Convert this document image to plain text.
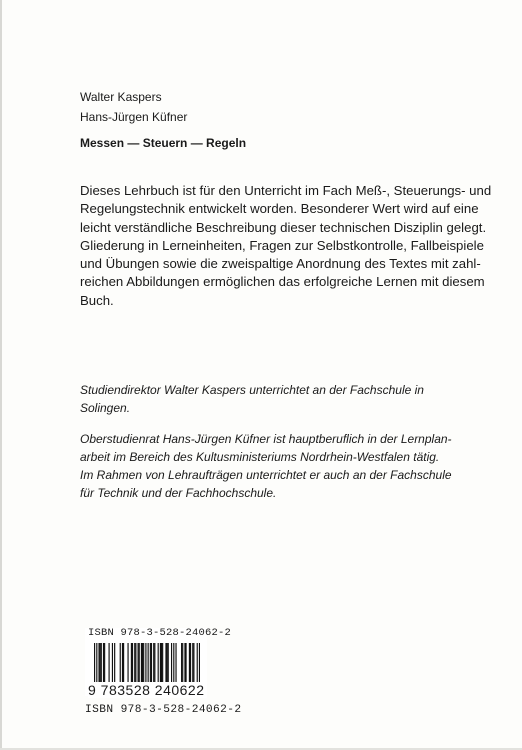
Walter Kaspers
Hans-Jürgen Küfner
Messen — Steuern — Regeln
Dieses Lehrbuch ist für den Unterricht im Fach Meß-, Steuerungs- und
Regelungstechnik entwickelt worden. Besonderer Wert wird auf eine
leicht verständliche Beschreibung dieser technischen Disziplin gelegt.
Gliederung in Lerneinheiten, Fragen zur Selbstkontrolle, Fallbeispiele
und Übungen sowie die zweispaltige Anordnung des Textes mit zahl-
reichen Abbildungen ermöglichen das erfolgreiche Lernen mit diesem
Buch.
Studiendirektor Walter Kaspers unterrichtet an der Fachschule in
Solingen.
Oberstudienrat Hans-Jürgen Küfner ist hauptberuflich in der Lernplan-
arbeit im Bereich des Kultusministeriums Nordrhein-Westfalen tätig.
Im Rahmen von Lehraufträgen unterrichtet er auch an der Fachschule
für Technik und der Fachhochschule.
ISBN 978-3-528-24062-2
9 783528 240622
ISBN 978-3-528-24062-2
